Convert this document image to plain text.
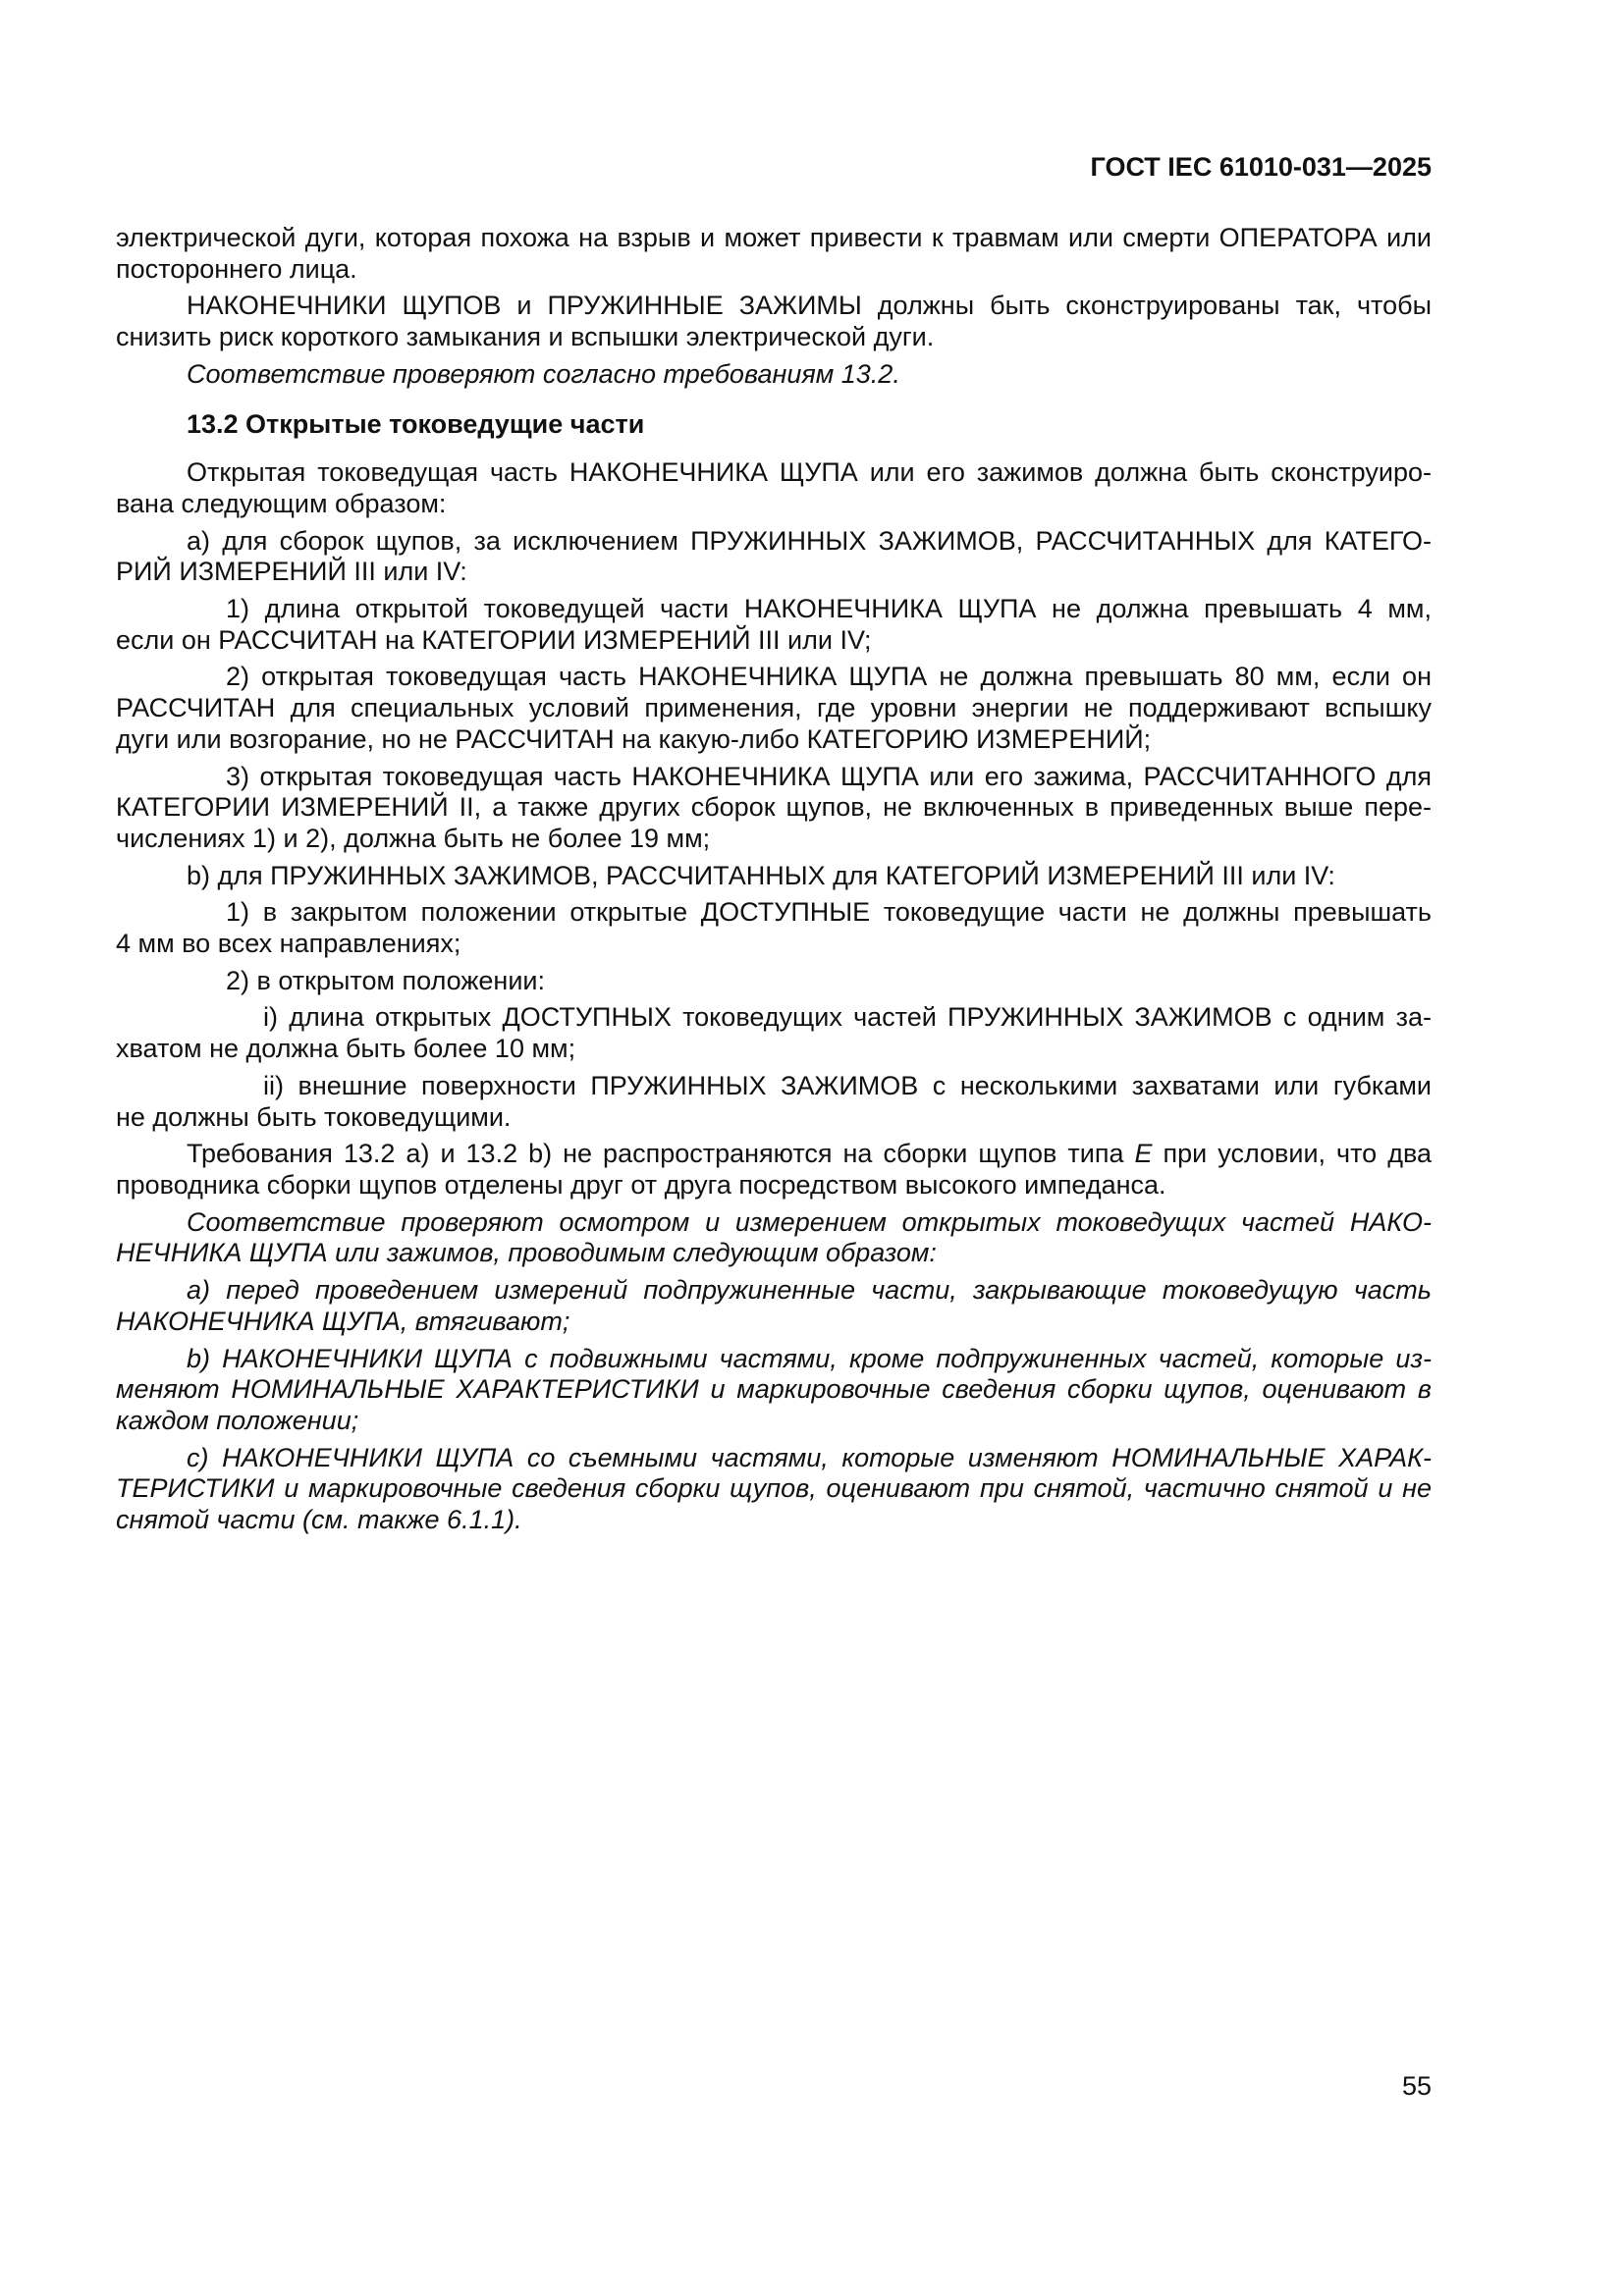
ГОСТ IEC 61010-031—2025
электрической дуги, которая похожа на взрыв и может привести к травмам или смерти ОПЕРАТОРА или
постороннего лица.
НАКОНЕЧНИКИ ЩУПОВ и ПРУЖИННЫЕ ЗАЖИМЫ должны быть сконструированы так, чтобы
снизить риск короткого замыкания и вспышки электрической дуги.
Соответствие проверяют согласно требованиям 13.2.
13.2 Открытые токоведущие части
Открытая токоведущая часть НАКОНЕЧНИКА ЩУПА или его зажимов должна быть сконструиро-
вана следующим образом:
a) для сборок щупов, за исключением ПРУЖИННЫХ ЗАЖИМОВ, РАССЧИТАННЫХ для КАТЕГО-
РИЙ ИЗМЕРЕНИЙ III или IV:
1) длина открытой токоведущей части НАКОНЕЧНИКА ЩУПА не должна превышать 4 мм,
если он РАССЧИТАН на КАТЕГОРИИ ИЗМЕРЕНИЙ III или IV;
2) открытая токоведущая часть НАКОНЕЧНИКА ЩУПА не должна превышать 80 мм, если он
РАССЧИТАН для специальных условий применения, где уровни энергии не поддерживают вспышку
дуги или возгорание, но не РАССЧИТАН на какую-либо КАТЕГОРИЮ ИЗМЕРЕНИЙ;
3) открытая токоведущая часть НАКОНЕЧНИКА ЩУПА или его зажима, РАССЧИТАННОГО для
КАТЕГОРИИ ИЗМЕРЕНИЙ II, а также других сборок щупов, не включенных в приведенных выше пере-
числениях 1) и 2), должна быть не более 19 мм;
b) для ПРУЖИННЫХ ЗАЖИМОВ, РАССЧИТАННЫХ для КАТЕГОРИЙ ИЗМЕРЕНИЙ III или IV:
1) в закрытом положении открытые ДОСТУПНЫЕ токоведущие части не должны превышать
4 мм во всех направлениях;
2) в открытом положении:
i) длина открытых ДОСТУПНЫХ токоведущих частей ПРУЖИННЫХ ЗАЖИМОВ с одним за-
хватом не должна быть более 10 мм;
ii) внешние поверхности ПРУЖИННЫХ ЗАЖИМОВ с несколькими захватами или губками
не должны быть токоведущими.
Требования 13.2 a) и 13.2 b) не распространяются на сборки щупов типа Е при условии, что два
проводника сборки щупов отделены друг от друга посредством высокого импеданса.
Соответствие проверяют осмотром и измерением открытых токоведущих частей НАКО-
НЕЧНИКА ЩУПА или зажимов, проводимым следующим образом:
a) перед проведением измерений подпружиненные части, закрывающие токоведущую часть
НАКОНЕЧНИКА ЩУПА, втягивают;
b) НАКОНЕЧНИКИ ЩУПА с подвижными частями, кроме подпружиненных частей, которые из-
меняют НОМИНАЛЬНЫЕ ХАРАКТЕРИСТИКИ и маркировочные сведения сборки щупов, оценивают в
каждом положении;
c) НАКОНЕЧНИКИ ЩУПА со съемными частями, которые изменяют НОМИНАЛЬНЫЕ ХАРАК-
ТЕРИСТИКИ и маркировочные сведения сборки щупов, оценивают при снятой, частично снятой и не
снятой части (см. также 6.1.1).
55
